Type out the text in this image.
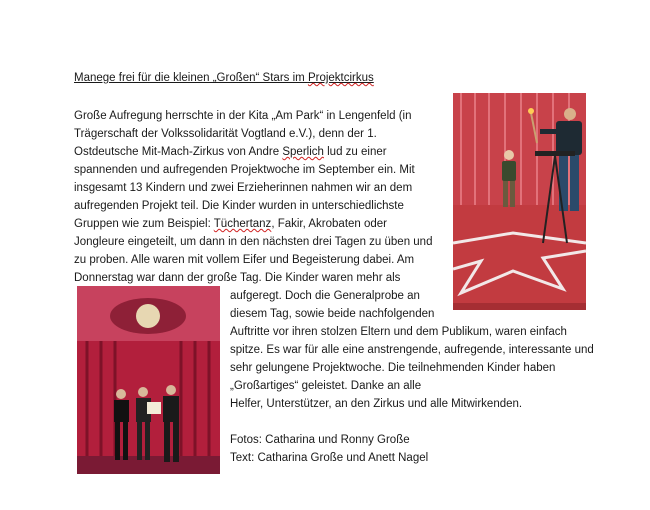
Manege frei für die kleinen „Großen“ Stars im Projektcirkus
Große Aufregung herrschte in der Kita „Am Park“ in Lengenfeld (in
Trägerschaft der Volkssolidarität Vogtland e.V.), denn der 1.
Ostdeutsche Mit-Mach-Zirkus von Andre Sperlich lud zu einer
spannenden und aufregenden Projektwoche im September ein. Mit
insgesamt 13 Kindern und zwei Erzieherinnen nahmen wir an dem
aufregenden Projekt teil. Die Kinder wurden in unterschiedlichste
Gruppen wie zum Beispiel: Tüchertanz, Fakir, Akrobaten oder
Jongleure eingeteilt, um dann in den nächsten drei Tagen zu üben und
zu proben. Alle waren mit vollem Eifer und Begeisterung dabei. Am
Donnerstag war dann der große Tag. Die Kinder waren mehr als
aufgeregt. Doch die Generalprobe an
diesem Tag, sowie beide nachfolgenden
Auftritte vor ihren stolzen Eltern und dem Publikum, waren einfach
spitze. Es war für alle eine anstrengende, aufregende, interessante und
sehr gelungene Projektwoche. Die teilnehmenden Kinder haben
„Großartiges“ geleistet. Danke an alle
Helfer, Unterstützer, an den Zirkus und alle Mitwirkenden.
Fotos: Catharina und Ronny Große
Text: Catharina Große und Anett Nagel
